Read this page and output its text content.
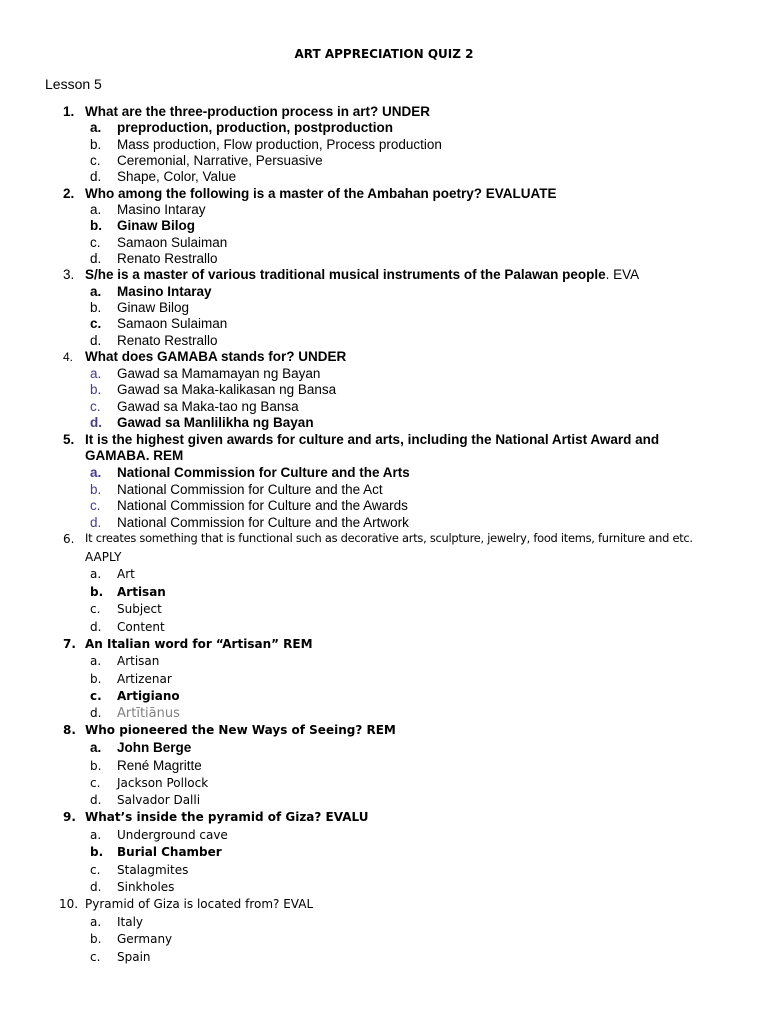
ART APPRECIATION QUIZ 2
Lesson 5
1. What are the three-production process in art? UNDER
a. preproduction, production, postproduction
b. Mass production, Flow production, Process production
c. Ceremonial, Narrative, Persuasive
d. Shape, Color, Value
2. Who among the following is a master of the Ambahan poetry? EVALUATE
a. Masino Intaray
b. Ginaw Bilog
c. Samaon Sulaiman
d. Renato Restrallo
3. S/he is a master of various traditional musical instruments of the Palawan people. EVA
a. Masino Intaray
b. Ginaw Bilog
c. Samaon Sulaiman
d. Renato Restrallo
4. What does GAMABA stands for? UNDER
a. Gawad sa Mamamayan ng Bayan
b. Gawad sa Maka-kalikasan ng Bansa
c. Gawad sa Maka-tao ng Bansa
d. Gawad sa Manlilikha ng Bayan
5. It is the highest given awards for culture and arts, including the National Artist Award and
GAMABA. REM
a. National Commission for Culture and the Arts
b. National Commission for Culture and the Act
c. National Commission for Culture and the Awards
d. National Commission for Culture and the Artwork
6. It creates something that is functional such as decorative arts, sculpture, jewelry, food items, furniture and etc.
AAPLY
a. Art
b. Artisan
c. Subject
d. Content
7. An Italian word for “Artisan” REM
a. Artisan
b. Artizenar
c. Artigiano
d. Artītiānus
8. Who pioneered the New Ways of Seeing? REM
a. John Berge
b. René Magritte
c. Jackson Pollock
d. Salvador Dalli
9. What’s inside the pyramid of Giza? EVALU
a. Underground cave
b. Burial Chamber
c. Stalagmites
d. Sinkholes
10. Pyramid of Giza is located from? EVAL
a. Italy
b. Germany
c. Spain
